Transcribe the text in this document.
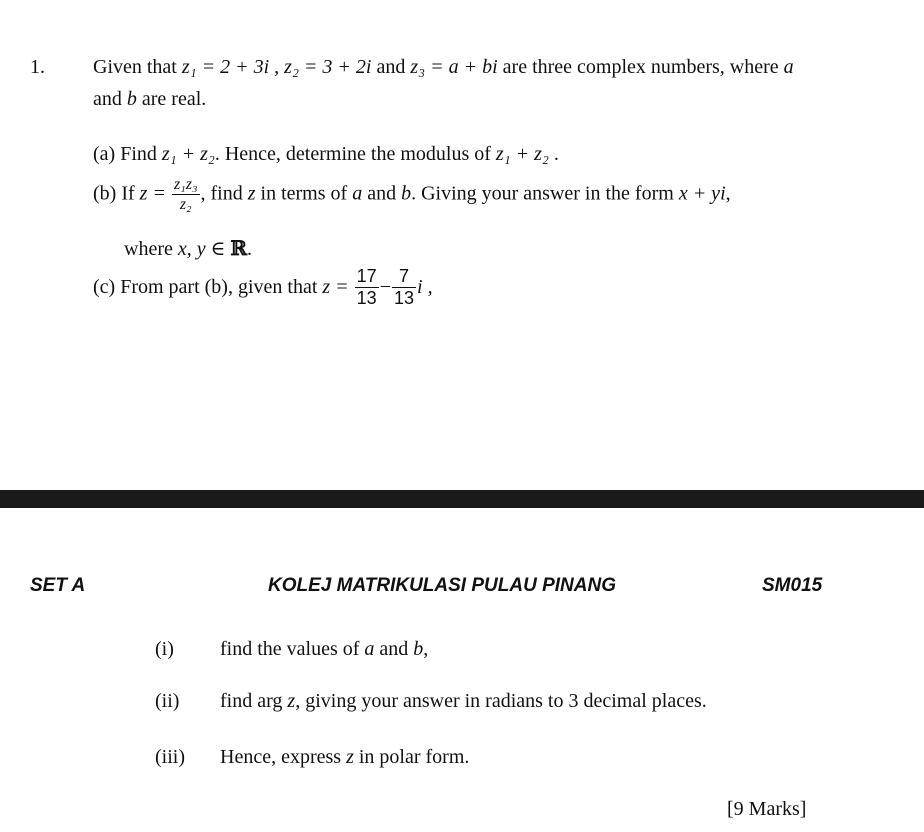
1. Given that z₁ = 2 + 3i , z₂ = 3 + 2i and z₃ = a + bi are three complex numbers, where a
and b are real.
(a) Find z₁ + z₂. Hence, determine the modulus of z₁ + z₂ .
(b) If $z = \frac{\text{z₁z₃}}{\text{z₂}}$ , find z in terms of a and b. Giving your answer in the form x + yi,
where x, y ∈ ℝ.
(c) From part (b), given that $z = \frac{17}{13} - \frac{7}{13}$ i ,
SET A	KOLEJ MATRIKULASI PULAU PINANG	SM015
(i) find the values of a and b,
(ii) find arg z, giving your answer in radians to 3 decimal places.
(iii) Hence, express z in polar form.
[9 Marks]
